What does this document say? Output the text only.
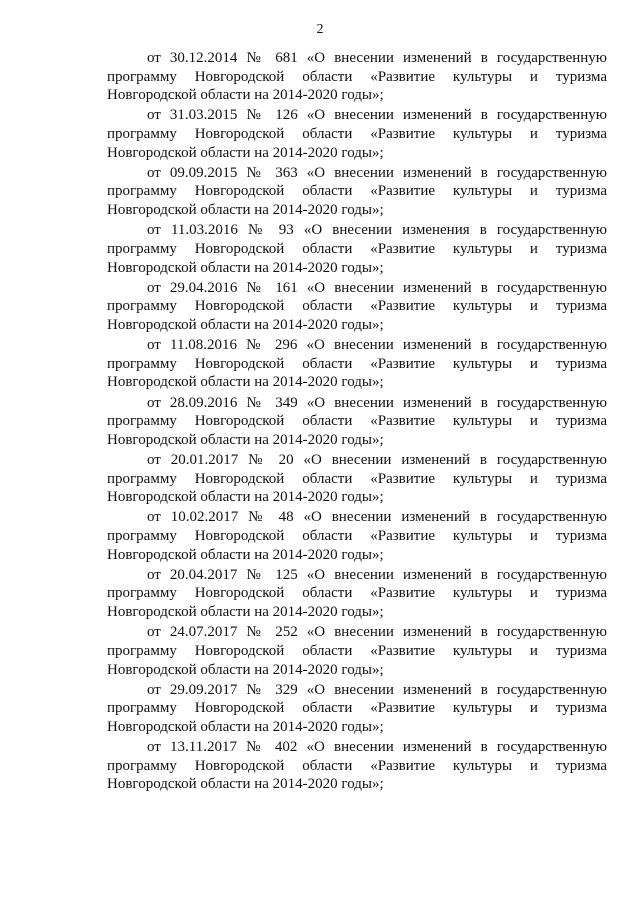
2
от 30.12.2014 № 681 «О внесении изменений в государственную
программу Новгородской области «Развитие культуры и туризма
Новгородской области на 2014-2020 годы»;
от 31.03.2015 № 126 «О внесении изменений в государственную
программу Новгородской области «Развитие культуры и туризма
Новгородской области на 2014-2020 годы»;
от 09.09.2015 № 363 «О внесении изменений в государственную
программу Новгородской области «Развитие культуры и туризма
Новгородской области на 2014-2020 годы»;
от 11.03.2016 № 93 «О внесении изменения в государственную
программу Новгородской области «Развитие культуры и туризма
Новгородской области на 2014-2020 годы»;
от 29.04.2016 № 161 «О внесении изменений в государственную
программу Новгородской области «Развитие культуры и туризма
Новгородской области на 2014-2020 годы»;
от 11.08.2016 № 296 «О внесении изменений в государственную
программу Новгородской области «Развитие культуры и туризма
Новгородской области на 2014-2020 годы»;
от 28.09.2016 № 349 «О внесении изменений в государственную
программу Новгородской области «Развитие культуры и туризма
Новгородской области на 2014-2020 годы»;
от 20.01.2017 № 20 «О внесении изменений в государственную
программу Новгородской области «Развитие культуры и туризма
Новгородской области на 2014-2020 годы»;
от 10.02.2017 № 48 «О внесении изменений в государственную
программу Новгородской области «Развитие культуры и туризма
Новгородской области на 2014-2020 годы»;
от 20.04.2017 № 125 «О внесении изменений в государственную
программу Новгородской области «Развитие культуры и туризма
Новгородской области на 2014-2020 годы»;
от 24.07.2017 № 252 «О внесении изменений в государственную
программу Новгородской области «Развитие культуры и туризма
Новгородской области на 2014-2020 годы»;
от 29.09.2017 № 329 «О внесении изменений в государственную
программу Новгородской области «Развитие культуры и туризма
Новгородской области на 2014-2020 годы»;
от 13.11.2017 № 402 «О внесении изменений в государственную
программу Новгородской области «Развитие культуры и туризма
Новгородской области на 2014-2020 годы»;
